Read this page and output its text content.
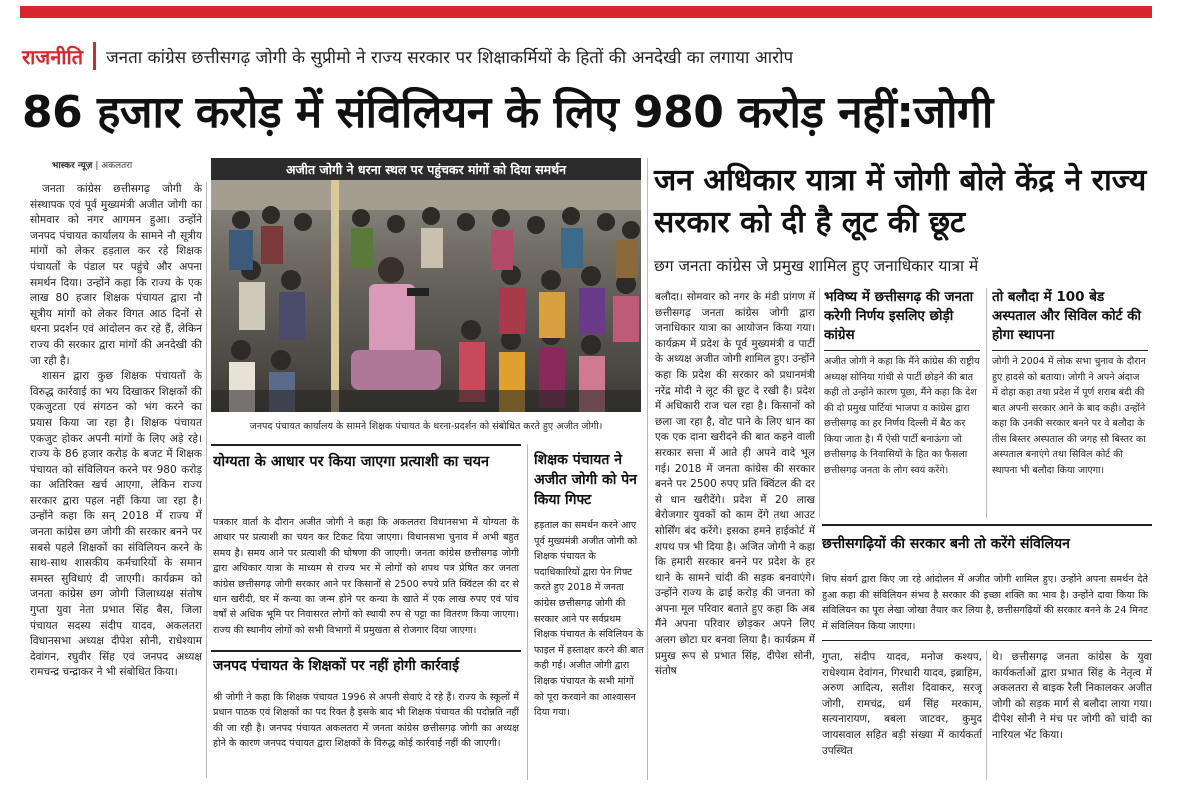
राजनीति जनता कांग्रेस छत्तीसगढ़ जोगी के सुप्रीमो ने राज्य सरकार पर शिक्षाकर्मियों के हितों की अनदेखी का लगाया आरोप
86 हजार करोड़ में संविलियन के लिए 980 करोड़ नहीं:जोगी
भास्कर न्यूज़ | अकलतरा

जनता कांग्रेस छत्तीसगढ़ जोगी के संस्थापक एवं पूर्व मुख्यमंत्री अजीत जोगी का सोमवार को नगर आगमन हुआ। उन्होंने जनपद पंचायत कार्यालय के सामने नौ सूत्रीय मांगों को लेकर हड़ताल कर रहे शिक्षक पंचायतों के पंडाल पर पहुंचे और अपना समर्थन दिया। उन्होंने कहा कि राज्य के एक लाख 80 हजार शिक्षक पंचायत द्वारा नौ सूत्रीय मांगों को लेकर विगत आठ दिनों से धरना प्रदर्शन एवं आंदोलन कर रहे हैं, लेकिन राज्य की सरकार द्वारा मांगों की अनदेखी की जा रही है।

शासन द्वारा कुछ शिक्षक पंचायतों के विरुद्ध कार्रवाई का भय दिखाकर शिक्षकों की एकजुटता एवं संगठन को भंग करने का प्रयास किया जा रहा है। शिक्षक पंचायत एकजुट होकर अपनी मांगों के लिए अड़े रहे। राज्य के 86 हजार करोड़ के बजट में शिक्षक पंचायत को संविलियन करने पर 980 करोड़ का अतिरिक्त खर्च आएगा, लेकिन राज्य सरकार द्वारा पहल नहीं किया जा रहा है। उन्होंने कहा कि सन् 2018 में राज्य में जनता कांग्रेस छग जोगी की सरकार बनने पर सबसे पहले शिक्षकों का संविलियन करने के साथ-साथ शासकीय कर्मचारियों के समान समस्त सुविधाएं दी जाएगी। कार्यक्रम को जनता कांग्रेस छग जोगी जिलाध्यक्ष संतोष गुप्ता युवा नेता प्रभात सिंह बैस, जिला पंचायत सदस्य संदीप यादव, अकलतरा विधानसभा अध्यक्ष दीपेश सोनी, राधेश्याम देवांगन, रघुवीर सिंह एवं जनपद अध्यक्ष रामचन्द्र चन्द्राकर ने भी संबोधित किया।

अजीत जोगी ने धरना स्थल पर पहुंचकर मांगों को दिया समर्थन
जनपद पंचायत कार्यालय के सामने शिक्षक पंचायत के धरना-प्रदर्शन को संबोधित करते हुए अजीत जोगी।
योग्यता के आधार पर किया जाएगा प्रत्याशी का चयन
पत्रकार वार्ता के दौरान अजीत जोगी ने कहा कि अकलतरा विधानसभा में योग्यता के आधार पर प्रत्याशी का चयन कर टिकट दिया जाएगा। विधानसभा चुनाव में अभी बहुत समय है। समय आने पर प्रत्याशी की घोषणा की जाएगी। जनता कांग्रेस छत्तीसगढ़ जोगी द्वारा अधिकार यात्रा के माध्यम से राज्य भर में लोगों को शपथ पत्र प्रेषित कर जनता कांग्रेस छत्तीसगढ़ जोगी सरकार आने पर किसानों से 2500 रुपये प्रति क्विंटल की दर से धान खरीदी, घर में कन्या का जन्म होने पर कन्या के खाते में एक लाख रुपए एवं पांच वर्षों से अधिक भूमि पर निवासरत लोगों को स्थायी रुप से पट्टा का वितरण किया जाएगा। राज्य की स्थानीय लोगों को सभी विभागों में प्रमुखता से रोजगार दिया जाएगा।
जनपद पंचायत के शिक्षकों पर नहीं होगी कार्रवाई
श्री जोगी ने कहा कि शिक्षक पंचायत 1996 से अपनी सेवाएं दे रहे हैं। राज्य के स्कूलों में प्रधान पाठक एवं शिक्षकों का पद रिक्त है इसके बाद भी शिक्षक पंचायत की पदोन्नति नहीं की जा रही है। जनपद पंचायत अकलतरा में जनता कांग्रेस छत्तीसगढ़ जोगी का अध्यक्ष होने के कारण जनपद पंचायत द्वारा शिक्षकों के विरुद्ध कोई कार्रवाई नहीं की जाएगी।
शिक्षक पंचायत ने अजीत जोगी को पेन किया गिफ्ट
हड़ताल का समर्थन करने आए पूर्व मुख्यमंत्री अजीत जोगी को शिक्षक पंचायत के पदाधिकारियों द्वारा पेन गिफ्ट करते हुए 2018 में जनता कांग्रेस छत्तीसगढ़ जोगी की सरकार आने पर सर्वप्रथम शिक्षक पंचायत के संविलियन के फाइल में हस्ताक्षर करने की बात कही गई। अजीत जोगी द्वारा शिक्षक पंचायत के सभी मांगों को पूरा करवाने का आश्वासन दिया गया।
जन अधिकार यात्रा में जोगी बोले केंद्र ने राज्य सरकार को दी है लूट की छूट
छग जनता कांग्रेस जे प्रमुख शामिल हुए जनाधिकार यात्रा में
बलौदा। सोमवार को नगर के मंडी प्रांगण में छत्तीसगढ़ जनता कांग्रेस जोगी द्वारा जनाधिकार यात्रा का आयोजन किया गया। कार्यक्रम में प्रदेश के पूर्व मुख्यमंत्री व पार्टी के अध्यक्ष अजीत जोगी शामिल हुए। उन्होंने कहा कि प्रदेश की सरकार को प्रधानमंत्री नरेंद्र मोदी ने लूट की छूट दे रखी है। प्रदेश में अधिकारी राज चल रहा है। किसानों को छला जा रहा है, वोट पाने के लिए धान का एक एक दाना खरीदने की बात कहने वाली सरकार सत्ता में आते ही अपने वादे भूल गई। 2018 में जनता कांग्रेस की सरकार बनने पर 2500 रुपए प्रति क्विंटल की दर से धान खरीदेंगे। प्रदेश में 20 लाख बेरोजगार युवकों को काम देंगे तथा आउट सोर्सिंग बंद करेंगे। इसका हमने हाईकोर्ट में शपथ पत्र भी दिया है। अजित जोगी ने कहा कि हमारी सरकार बनने पर प्रदेश के हर थाने के सामने चांदी की सड़क बनवाएंगे। उन्होंने राज्य के ढाई करोड़ की जनता को अपना मूल परिवार बताते हुए कहा कि अब मैंने अपना परिवार छोड़कर अपने लिए अलग छोटा घर बनवा लिया है। कार्यक्रम में प्रमुख रूप से प्रभात सिंह, दीपेश सोनी, संतोष
भविष्य में छत्तीसगढ़ की जनता करेगी निर्णय इसलिए छोड़ी कांग्रेस
अजीत जोगी ने कहा कि मैंने कांग्रेस की राष्ट्रीय अध्यक्ष सोनिया गांधी से पार्टी छोड़ने की बात कही तो उन्होंने कारण पूछा, मैंने कहा कि देश की दो प्रमुख पार्टियां भाजपा व कांग्रेस द्वारा छत्तीसगढ़ का हर निर्णय दिल्ली में बैठ कर किया जाता है। मैं ऐसी पार्टी बनाऊंगा जो छत्तीसगढ़ के निवासियों के हित का फैसला छत्तीसगढ़ जनता के लोग स्वयं करेंगे।
तो बलौदा में 100 बेड अस्पताल और सिविल कोर्ट की होगा स्थापना
जोगी ने 2004 में लोक सभा चुनाव के दौरान हुए हादसे को बताया। जोगी ने अपने अंदाज में दोहा कहा तथा प्रदेश में पूर्ण शराब बंदी की बात अपनी सरकार आने के बाद कही। उन्होंने कहा कि उनकी सरकार बनने पर वे बलौदा के तीस बिस्तर अस्पताल की जगह सौ बिस्तर का अस्पताल बनाएंगे तथा सिविल कोर्ट की स्थापना भी बलौदा किया जाएगा।
छत्तीसगढ़ियों की सरकार बनी तो करेंगे संविलियन
शिप संवर्ग द्वारा किए जा रहे आंदोलन में अजीत जोगी शामिल हुए। उन्होंने अपना समर्थन देते हुआ कहा की संविलियन संभव है सरकार की इच्छा शक्ति का भाव है। उन्होंने दावा किया कि संविलियन का पूरा लेखा जोखा तैयार कर लिया है, छत्तीसगढ़ियों की सरकार बनने के 24 मिनट में संविलियन किया जाएगा।
गुप्ता, संदीप यादव, मनोज कश्यप, राधेश्याम देवांगन, गिरधारी यादव, इब्राहिम, अरुण आदित्य, सतीश दिवाकर, सरजू जोगी, रामचंद्र, धर्म सिंह मरकाम, सत्यनारायण, बबला जाटवर, कुमुद जायसवाल सहित बड़ी संख्या में कार्यकर्ता उपस्थित
थे। छत्तीसगढ़ जनता कांग्रेस के युवा कार्यकर्ताओं द्वारा प्रभात सिंह के नेतृत्व में अकलतरा से बाइक रैली निकालकर अजीत जोगी को सड़क मार्ग से बलौदा लाया गया। दीपेश सोनी ने मंच पर जोगी को चांदी का नारियल भेंट किया।
